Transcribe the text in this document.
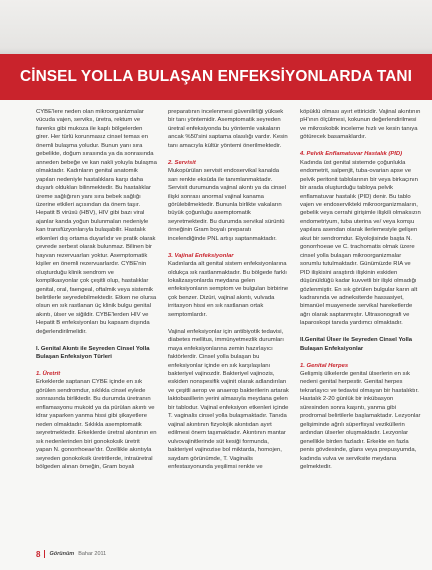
CİNSEL YOLLA BULAŞAN ENFEKSİYONLARDA TANI

CYBE'lere neden olan mikroorganizmalar vücuda vajen, serviks, üretra, rektum ve farenks gibi mukoza ile kaplı bölgelerden girer. Her türlü korunmasız cinsel temas en önemli bulaşma yoludur. Bunun yanı sıra gebelikte, doğum sırasında ya da sonrasında anneden bebeğe ve kan nakli yoluyla bulaşma olmaktadır. Kadınların genital anatomik yapıları nedeniyle hastalıklara karşı daha duyarlı oldukları bilinmektedir. Bu hastalıklar üreme sağlığının yanı sıra bebek sağlığı üzerine etkileri açısından da önem taşır. Hepatit B virüsü (HBV), HIV gibi bazı viral ajanlar kanda yoğun bulunmaları nedeniyle kan transfüzyonlarıyla bulaşabilir. Hastalık etkenleri dış ortama duyarlıdır ve pratik olarak çevrede serbest olarak bulunmaz. Bilinen bir hayvan rezervuarları yoktur. Asemptomatik kişiler en önemli rezervuarlardır. CYBE'nin oluşturduğu klinik sendrom ve komplikasyonlar çok çeşitli olup, hastalıklar genital, oral, faengeal, oftalmik veya sistemik belirtilerle seyredebilmektedir. Etken ne olursa olsun en sık rastlanan üç klinik bulgu genital akıntı, ülser ve siğildir. CYBE'lerden HIV ve Hepatit B enfeksiyonları bu kapsam dışında değerlendirilmelidir.

I. Genital Akıntı ile Seyreden Cinsel Yolla Bulaşan Enfeksiyon Türleri

1. Üretrit
Erkeklerde saptanan CYBE içinde en sık görülen sendromdur, sıklıkla cinsel eylede sonrasında birliktedir. Bu durumda üretranın enflamasyonu mukoid ya da pürülan akıntı ve idrar yaparken yanma hissi gibi şikayetlere neden olmaktadır. Sıklıkla asemptomatik seyretmektedir. Erkeklerde üretral akıntının en sık nedenlerinden biri gonokoksik üretrit yapan N. gonorrhoeae'dır. Özellikle akıntıyla seyreden gonokoksik üretritlerde, intraüretral bölgeden alınan örneğin, Gram boyalı

preparatının incelenmesi güvenilirliği yüksek bir tanı yöntemidir. Asemptomatik seyreden üretral enfeksiyonda bu yöntemle vakaların ancak %50'sini saptama olasılığı vardır. Kesin tanı amacıyla kültür yöntemi önerilmektedir.

2. Servisit
Mukopürülan servisit endoservikal kanalda sarı renkte eksüda ile tanımlanmaktadır. Servisit durumunda vajinal akıntı ya da cinsel ilişki sonrası anormal vajinal kanama görülebilmektedir. Bununla birlikte vakaların büyük çoğunluğu asemptomatik seyretmektedir. Bu durumda servikal sürüntü örneğinin Gram boyalı preparatı incelendiğinde PNL artışı saptanmaktadır.

3. Vajinal Enfeksiyonlar
Kadınlarda alt genital sistem enfeksiyonlarına oldukça sık rastlanmaktadır. Bu bölgede farklı lokalizasyonlarda meydana gelen enfeksiyonların semptom ve bulguları birbirine çok benzer. Dizüri, vajinal akıntı, vulvada irritasyon hissi en sık rastlanan ortak semptomlardır.

Vajinal enfeksiyonlar için antibiyotik tedavisi, diabetes mellitus, immünyetmezlik durumları maya enfeksiyonlarına zemin hazırlayıcı faktörlerdir. Cinsel yolla bulaşan bu enfeksiyonlar içinde en sık karşılaşılanı bakteriyel vajinozdir. Bakteriyel vajinozis, eskiden nonspesifik vajinit olarak adlandırılan ve çeşitli aerop ve anaerop bakterilerin artarak laktobasillerin yerini almasıyla meydana gelen bir tablodur. Vajinal enfeksiyon etkenleri içinde T. vaginalis cinsel yolla bulaşmaktadır. Tanıda vajinal akıntının fizyolojik akıntıdan ayırt edilmesi önem taşımaktadır. Akıntının mantar vulvovajinitlerinde süt kesiği formunda, bakteriyel vajinozise bol miktarda, homojen, saydam görünümde, T. Vaginalis enfestasyonunda yeşilimsi renkte ve

köpüklü olması ayırt ettiricidir. Vajinal akıntının pH'ının ölçülmesi, kokunun değerlendirilmesi ve mikroskobik inceleme hızlı ve kesin tanıya götürecek basamaklardır.

4. Pelvik Enflamatuvar Hastalık (PID)
Kadında üst genital sistemde çoğunlukla endometrit, salpenjit, tuba-ovarian apse ve pelvik peritonit tablolarının bir veya birkaçının bir arada oluşturduğu tabloya pelvik enflamatuvar hastalık (PID) denir. Bu tablo vajen ve endoservikteki mikroorganizmaların, gebelik veya cerrahi girişimle ilişkili olmaksızın endometriyum, tuba uterina ve/ veya komşu yapılara asendan olarak ilerlemesiyle gelişen akut bir sendromdur. Etyolojisinde başta N. gonorrhoeae ve C. trachomatis olmak üzere cinsel yolla bulaşan mikroorganizmalar sorumlu tutulmaktadır. Günümüzde RIA ve PID ilişkisini araştırdı ilişkinin eskiden düşünüldüğü kadar kuvvetli bir ilişki olmadığı gözlenmiştir. En sık görülen bulgular karın alt kadranında ve adneksiterde hassasiyet, bimanüel muayenede servikal hareketlerde ağrı olarak saptanmıştır. Ultrasonografi ve laparoskopi tanıda yardımcı olmaktadır.

II.Genital Ülser ile Seyreden Cinsel Yolla Bulaşan Enfeksiyonlar

1. Genital Herpes
Gelişmiş ülkelerde genital ülserlerin en sık nedeni genital herpestir. Genital herpes tekrarlayıcı ve tedavisi olmayan bir hastalıktır. Hastalık 2-20 günlük bir inkübasyon süresinden sonra kaşıntı, yanma gibi prodromal belirtilerle başlamaktadır. Lezyonlar gelişiminde ağrılı süperfisyal veziküllerin ardından ülserler oluşmaktadır. Lezyonlar genellikle birden fazladır. Erkekte en fazla penis gövdesinde, glans veya prepusyumda, kadında vulva ve serviksite meydana gelmektedir.

8 Görünüm Bahar 2011
